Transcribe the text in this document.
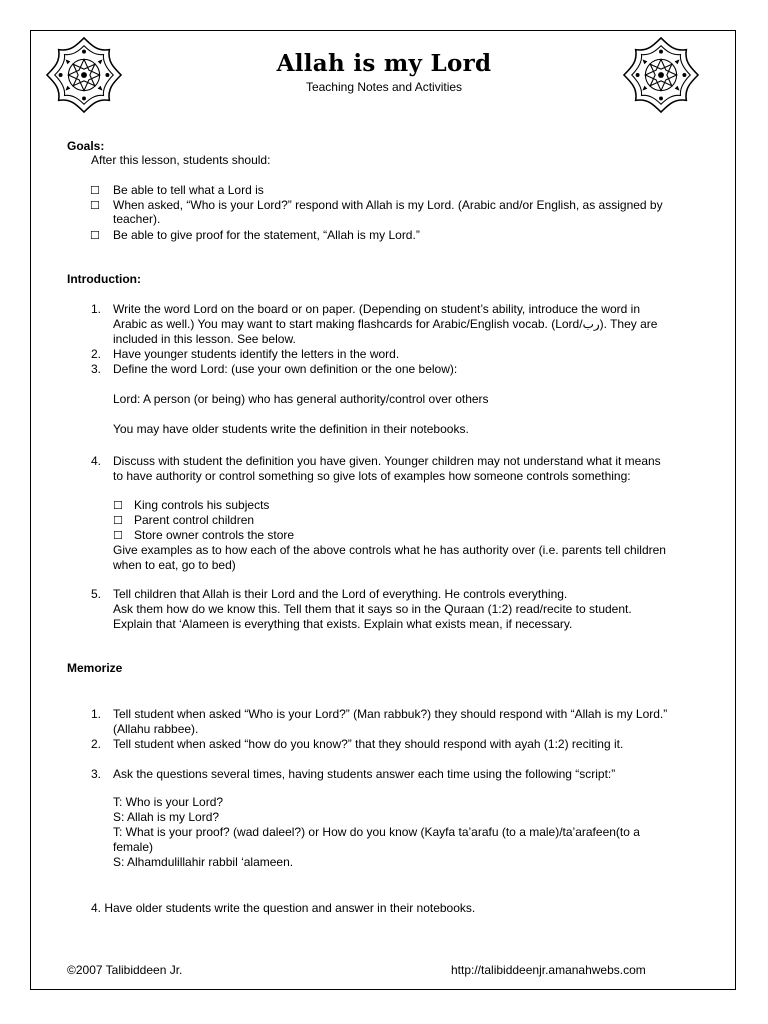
Allah is my Lord
Teaching Notes and Activities
Goals:
After this lesson, students should:
☐ Be able to tell what a Lord is
☐ When asked, “Who is your Lord?” respond with Allah is my Lord. (Arabic and/or English, as assigned by
teacher).
☐ Be able to give proof for the statement, “Allah is my Lord.”
Introduction:
1. Write the word Lord on the board or on paper. (Depending on student’s ability, introduce the word in
Arabic as well.) You may want to start making flashcards for Arabic/English vocab. (Lord/رب). They are
included in this lesson. See below.
2. Have younger students identify the letters in the word.
3. Define the word Lord: (use your own definition or the one below):
Lord: A person (or being) who has general authority/control over others
You may have older students write the definition in their notebooks.
4. Discuss with student the definition you have given. Younger children may not understand what it means
to have authority or control something so give lots of examples how someone controls something:
☐ King controls his subjects
☐ Parent control children
☐ Store owner controls the store
Give examples as to how each of the above controls what he has authority over (i.e. parents tell children
when to eat, go to bed)
5. Tell children that Allah is their Lord and the Lord of everything. He controls everything.
Ask them how do we know this. Tell them that it says so in the Quraan (1:2) read/recite to student.
Explain that ‘Alameen is everything that exists. Explain what exists mean, if necessary.
Memorize
1. Tell student when asked “Who is your Lord?” (Man rabbuk?) they should respond with “Allah is my Lord.”
(Allahu rabbee).
2. Tell student when asked “how do you know?” that they should respond with ayah (1:2) reciting it.
3. Ask the questions several times, having students answer each time using the following “script:”
T: Who is your Lord?
S: Allah is my Lord?
T: What is your proof? (wad daleel?) or How do you know (Kayfa ta’arafu (to a male)/ta’arafeen(to a
female)
S: Alhamdulillahir rabbil ‘alameen.
4. Have older students write the question and answer in their notebooks.
©2007 Talibiddeen Jr.	http://talibiddeenjr.amanahwebs.com
